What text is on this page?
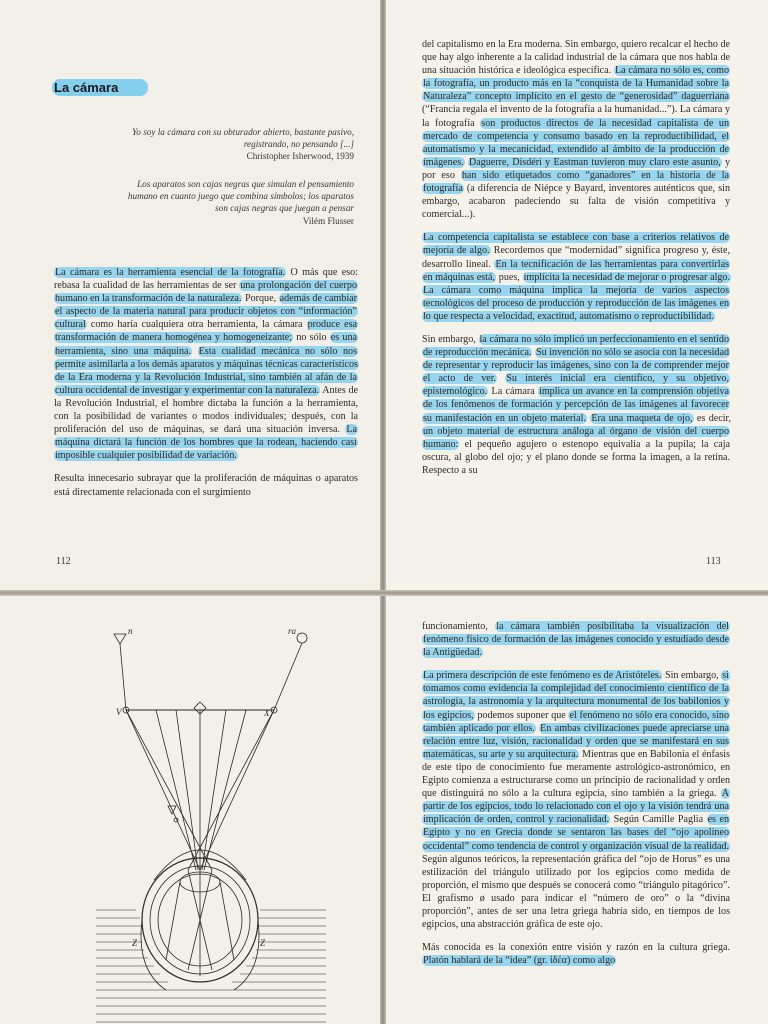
La cámara
Yo soy la cámara con su obturador abierto, bastante pasivo, registrando, no pensando [...]
Christopher Isherwood, 1939
Los aparatos son cajas negras que simulan el pensamiento humano en cuanto juego que combina símbolos; los aparatos son cajas negras que juegan a pensar
Vilém Flusser

La cámara es la herramienta esencial de la fotografía. O más que eso: rebasa la cualidad de las herramientas de ser una prolongación del cuerpo humano en la transformación de la naturaleza. Porque, además de cambiar el aspecto de la materia natural para producir objetos con “información” cultural como haría cualquiera otra herramienta, la cámara produce esa transformación de manera homogénea y homogeneizante; no sólo es una herramienta, sino una máquina. Esta cualidad mecánica no sólo nos permite asimilarla a los demás aparatos y máquinas técnicas característicos de la Era moderna y la Revolución Industrial, sino también al afán de la cultura occidental de investigar y experimentar con la naturaleza. Antes de la Revolución Industrial, el hombre dictaba la función a la herramienta, con la posibilidad de variantes o modos individuales; después, con la proliferación del uso de máquinas, se dará una situación inversa. La máquina dictará la función de los hombres que la rodean, haciendo casi imposible cualquier posibilidad de variación.

Resulta innecesario subrayar que la proliferación de máquinas o aparatos está directamente relacionada con el surgimiento

112

del capitalismo en la Era moderna. Sin embargo, quiero recalcar el hecho de que hay algo inherente a la calidad industrial de la cámara que nos habla de una situación histórica e ideológica específica. La cámara no sólo es, como la fotografía, un producto más en la “conquista de la Humanidad sobre la Naturaleza” concepto implícito en el gesto de “generosidad” daguerriana (“Francia regala el invento de la fotografía a la humanidad...”). La cámara y la fotografía son productos directos de la necesidad capitalista de un mercado de competencia y consumo basado en la reproductibilidad, el automatismo y la mecanicidad, extendido al ámbito de la producción de imágenes. Daguerre, Disdéri y Eastman tuvieron muy claro este asunto, y por eso han sido etiquetados como “ganadores” en la historia de la fotografía (a diferencia de Niépce y Bayard, inventores auténticos que, sin embargo, acabaron padeciendo su falta de visión competitiva y comercial...).

La competencia capitalista se establece con base a criterios relativos de mejoría de algo. Recordemos que “modernidad” significa progreso y, éste, desarrollo lineal. En la tecnificación de las herramientas para convertirlas en máquinas está, pues, implícita la necesidad de mejorar o progresar algo. La cámara como máquina implica la mejoría de varios aspectos tecnológicos del proceso de producción y reproducción de las imágenes en lo que respecta a velocidad, exactitud, automatismo o reproductibilidad.

Sin embargo, la cámara no sólo implicó un perfeccionamiento en el sentido de reproducción mecánica. Su invención no sólo se asocia con la necesidad de representar y reproducir las imágenes, sino con la de comprender mejor el acto de ver. Su interés inicial era científico, y su objetivo, epistemológico. La cámara implica un avance en la comprensión objetiva de los fenómenos de formación y percepción de las imágenes al favorecer su manifestación en un objeto material. Era una maqueta de ojo, es decir, un objeto material de estructura análoga al órgano de visión del cuerpo humano: el pequeño agujero o estenopo equivalía a la pupila; la caja oscura, al globo del ojo; y el plano donde se forma la imagen, a la retina. Respecto a su

113
n	ra
V	X
Z	Z

funcionamiento, la cámara también posibilitaba la visualización del fenómeno físico de formación de las imágenes conocido y estudiado desde la Antigüedad.

La primera descripción de este fenómeno es de Aristóteles. Sin embargo, si tomamos como evidencia la complejidad del conocimiento científico de la astrología, la astronomía y la arquitectura monumental de los babilonios y los egipcios, podemos suponer que el fenómeno no sólo era conocido, sino también aplicado por ellos. En ambas civilizaciones puede apreciarse una relación entre luz, visión, racionalidad y orden que se manifestará en sus matemáticas, su arte y su arquitectura. Mientras que en Babilonia el énfasis de este tipo de conocimiento fue meramente astrológico-astronómico, en Egipto comienza a estructurarse como un principio de racionalidad y orden que distinguirá no sólo a la cultura egipcia, sino también a la griega. A partir de los egipcios, todo lo relacionado con el ojo y la visión tendrá una implicación de orden, control y racionalidad. Según Camille Paglia es en Egipto y no en Grecia donde se sentaron las bases del “ojo apolíneo occidental” como tendencia de control y organización visual de la realidad. Según algunos teóricos, la representación gráfica del “ojo de Horus” es una estilización del triángulo utilizado por los egipcios como medida de proporción, el mismo que después se conocerá como “triángulo pitagórico”. El grafismo ø usado para indicar el “número de oro” o la “divina proporción”, antes de ser una letra griega habría sido, en tiempos de los egipcios, una abstracción gráfica de este ojo.

Más conocida es la conexión entre visión y razón en la cultura griega. Platón hablará de la “idea” (gr. ἰδέα) como algo
